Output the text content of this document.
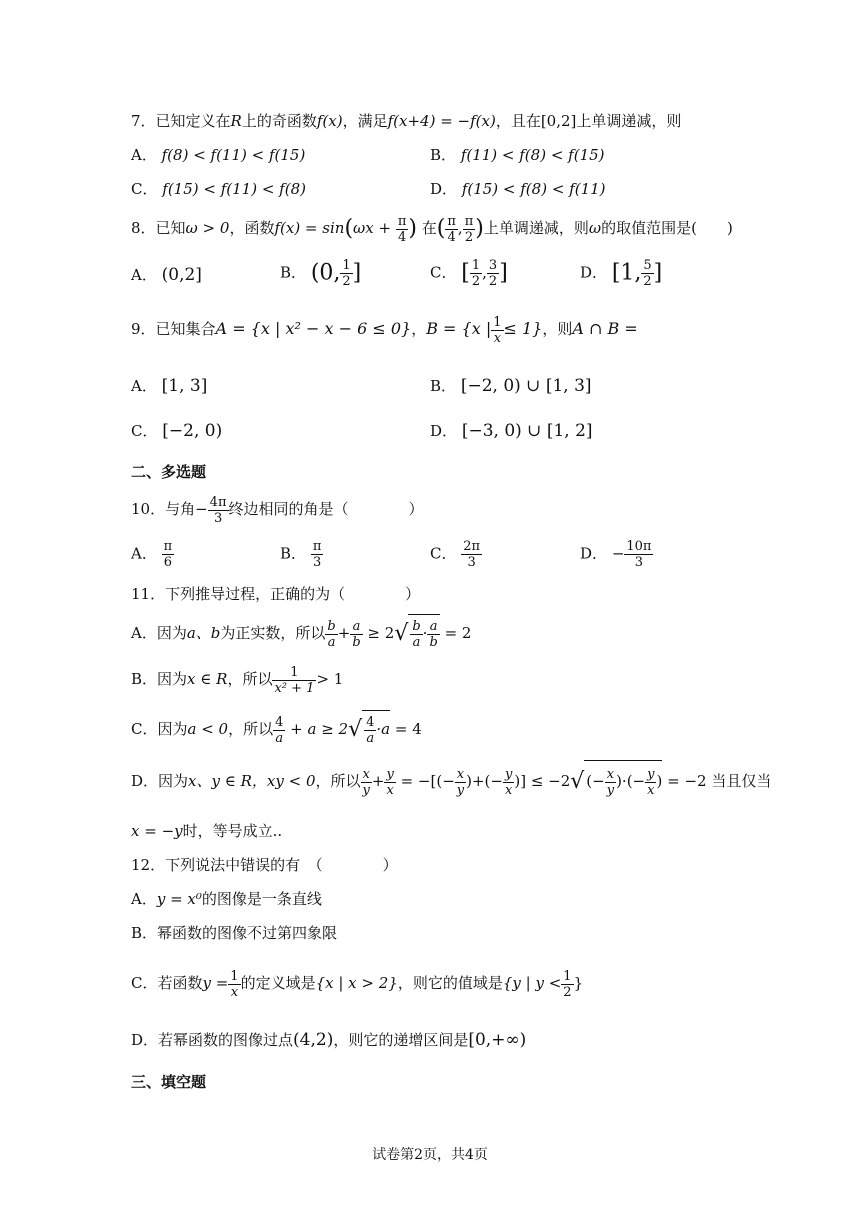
7．已知定义在R上的奇函数f(x)，满足f(x+4) = −f(x)，且在[0,2]上单调递减，则
A． f(8) < f(11) < f(15)	B． f(11) < f(8) < f(15)
C． f(15) < f(11) < f(8)	D． f(15) < f(8) < f(11)
8．已知ω > 0，函数$f(x) = \sin(\omega x + \frac{\pi}{4}$ ) 在( $\frac{\pi}{4}$ , $\frac{\pi}{2}$ )上单调递减，则ω的取值范围是(　　)
A． (0,2]	B． (0, $\frac{1}{2}$ ]	C． [ $\frac{1}{2}$ , $\frac{3}{2}$ ]	D． [1, $\frac{5}{2}$ ]
9．已知集合A = {x | x² − x − 6 ≤ 0}，B = {x | $\frac{1}{x} \le 1$}，则A ∩ B =
A． [1, 3]	B． [−2, 0) ∪ [1, 3]
C． [−2, 0)	D． [−3, 0) ∪ [1, 2]
二、多选题
10．与角− $\frac{4\pi}{3}$ 终边相同的角是（　　　　）
A． $\frac{\pi}{6}$	B． $\frac{\pi}{3}$	C． $\frac{2\pi}{3}$	D． − $\frac{10\pi}{3}$
11．下列推导过程，正确的为（　　　　）
A．因为a、b为正实数，所以 $\frac{b}{a} + \frac{a}{b} \ge 2√ \frac{b}{a} \cdot \frac{a}{b} = 2$
B．因为x ∈ R，所以 $\frac{1}{\text{x² + 1}} > 1$
C．因为a < 0，所以 $\frac{4}{a} + a \ge 2√ \frac{4}{a} \cdot a = 4$
D．因为x、y ∈ R，xy < 0，所以 $\frac{x}{y} + \frac{y}{x}$ = −[(− $\frac{x}{y}$ )+(− $\frac{y}{x}$ )] ≤ −2√ (− $\frac{x}{y}$ )·(− $\frac{y}{x}$ ) = −2 当且仅当
x = −y时，等号成立..
12．下列说法中错误的有　（　　　　）
A．y = x⁰的图像是一条直线
B．幂函数的图像不过第四象限
C．若函数$y = \frac{1}{x}$ 的定义域是{x | x > 2}，则它的值域是{y | $y < \frac{1}{2}$ }
D．若幂函数的图像过点(4,2)，则它的递增区间是[0,+∞)
三、填空题
试卷第2页，共4页
